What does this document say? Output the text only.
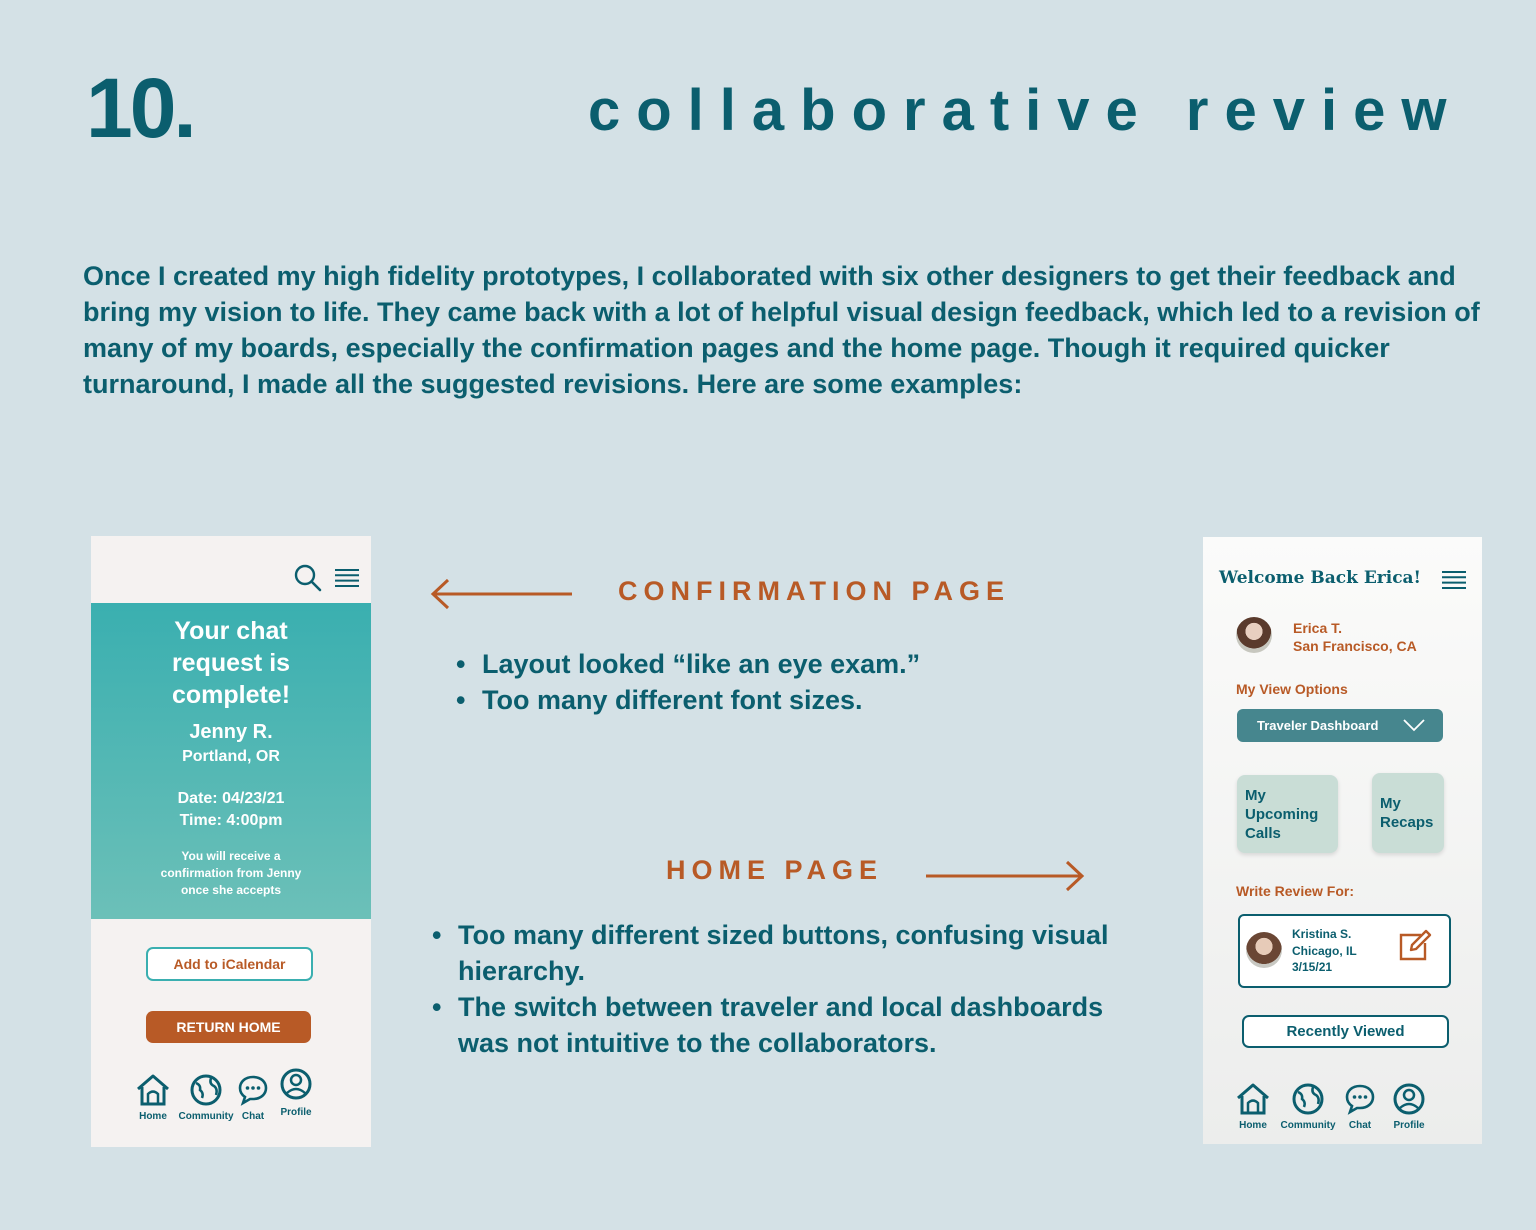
10.	collaborative review
Once I created my high fidelity prototypes, I collaborated with six other designers to get their feedback and bring my vision to life. They came back with a lot of helpful visual design feedback, which led to a revision of many of my boards, especially the confirmation pages and the home page. Though it required quicker turnaround, I made all the suggested revisions. Here are some examples:
Your chat request is complete!
Jenny R.
Portland, OR
Date: 04/23/21
Time: 4:00pm
You will receive a confirmation from Jenny once she accepts
Add to iCalendar
RETURN HOME
Home Community Chat Profile
CONFIRMATION PAGE
• Layout looked “like an eye exam.”
• Too many different font sizes.
HOME PAGE
• Too many different sized buttons, confusing visual hierarchy.
• The switch between traveler and local dashboards was not intuitive to the collaborators.
Welcome Back Erica!
Erica T.
San Francisco, CA
My View Options
Traveler Dashboard
My Upcoming Calls
My Recaps
Write Review For:
Kristina S.
Chicago, IL
3/15/21
Recently Viewed
Home Community Chat Profile
